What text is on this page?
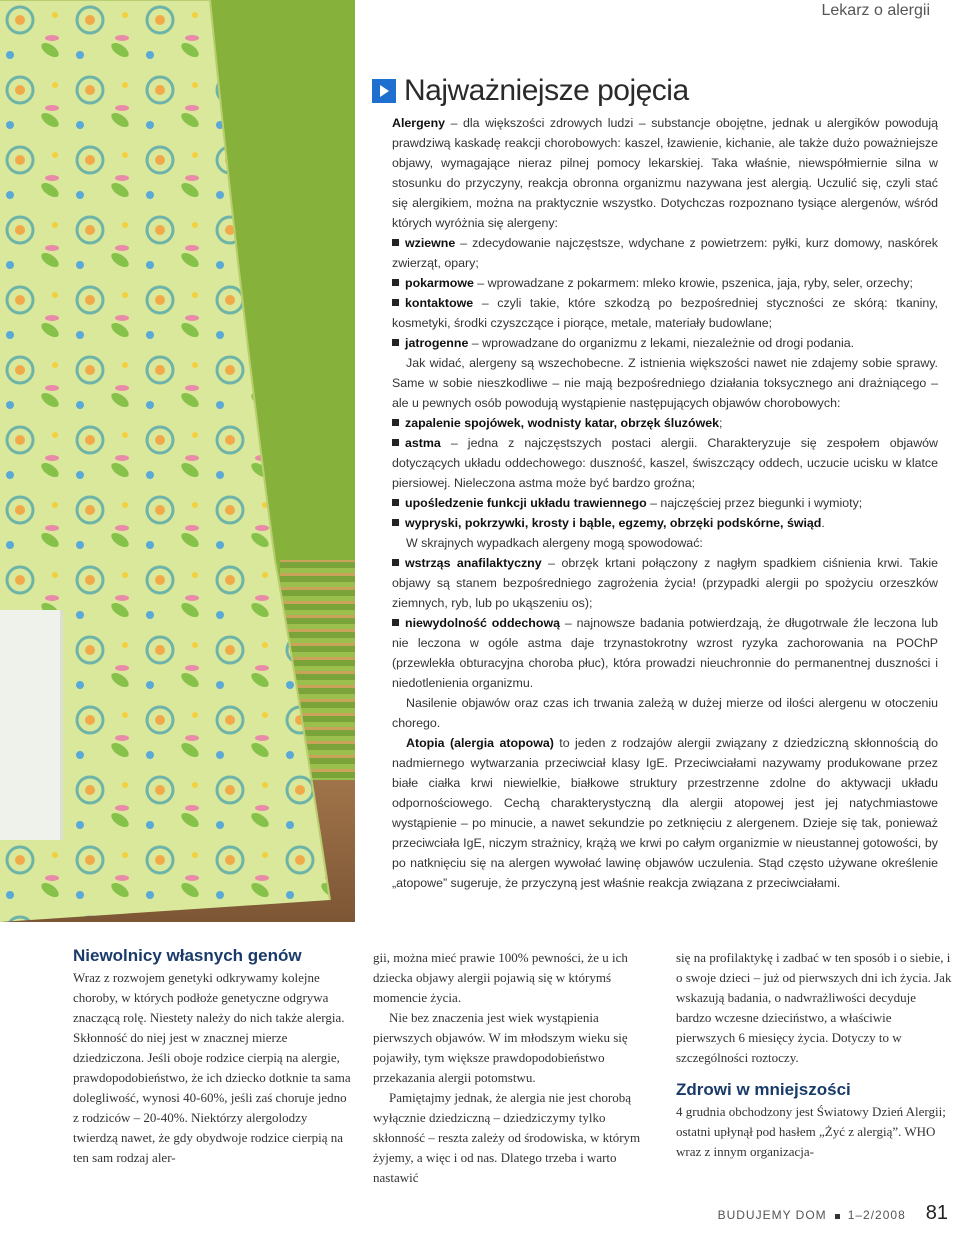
Lekarz o alergii
Najważniejsze pojęcia

Alergeny – dla większości zdrowych ludzi – substancje obojętne, jednak u alergików powodują prawdziwą kaskadę reakcji chorobowych: kaszel, łzawienie, kichanie, ale także dużo poważniejsze objawy, wymagające nieraz pilnej pomocy lekarskiej. Taka właśnie, niewspółmiernie silna w stosunku do przyczyny, reakcja obronna organizmu nazywana jest alergią. Uczulić się, czyli stać się alergikiem, można na praktycznie wszystko. Dotychczas rozpoznano tysiące alergenów, wśród których wyróżnia się alergeny:

wziewne – zdecydowanie najczęstsze, wdychane z powietrzem: pyłki, kurz domowy, naskórek zwierząt, opary;

pokarmowe – wprowadzane z pokarmem: mleko krowie, pszenica, jaja, ryby, seler, orzechy;

kontaktowe – czyli takie, które szkodzą po bezpośredniej styczności ze skórą: tkaniny, kosmetyki, środki czyszczące i piorące, metale, materiały budowlane;

jatrogenne – wprowadzane do organizmu z lekami, niezależnie od drogi podania.

Jak widać, alergeny są wszechobecne. Z istnienia większości nawet nie zdajemy sobie sprawy. Same w sobie nieszkodliwe – nie mają bezpośredniego działania toksycznego ani drażniącego – ale u pewnych osób powodują wystąpienie następujących objawów chorobowych:

zapalenie spojówek, wodnisty katar, obrzęk śluzówek;

astma – jedna z najczęstszych postaci alergii. Charakteryzuje się zespołem objawów dotyczących układu oddechowego: duszność, kaszel, świszczący oddech, uczucie ucisku w klatce piersiowej. Nieleczona astma może być bardzo groźna;

upośledzenie funkcji układu trawiennego – najczęściej przez biegunki i wymioty;

wypryski, pokrzywki, krosty i bąble, egzemy, obrzęki podskórne, świąd.

W skrajnych wypadkach alergeny mogą spowodować:

wstrząs anafilaktyczny – obrzęk krtani połączony z nagłym spadkiem ciśnienia krwi. Takie objawy są stanem bezpośredniego zagrożenia życia! (przypadki alergii po spożyciu orzeszków ziemnych, ryb, lub po ukąszeniu os);

niewydolność oddechową – najnowsze badania potwierdzają, że długotrwale źle leczona lub nie leczona w ogóle astma daje trzynastokrotny wzrost ryzyka zachorowania na POChP (przewlekła obturacyjna choroba płuc), która prowadzi nieuchronnie do permanentnej duszności i niedotlenienia organizmu.

Nasilenie objawów oraz czas ich trwania zależą w dużej mierze od ilości alergenu w otoczeniu chorego.

Atopia (alergia atopowa) to jeden z rodzajów alergii związany z dziedziczną skłonnością do nadmiernego wytwarzania przeciwciał klasy IgE. Przeciwciałami nazywamy produkowane przez białe ciałka krwi niewielkie, białkowe struktury przestrzenne zdolne do aktywacji układu odpornościowego. Cechą charakterystyczną dla alergii atopowej jest jej natychmiastowe wystąpienie – po minucie, a nawet sekundzie po zetknięciu z alergenem. Dzieje się tak, ponieważ przeciwciała IgE, niczym strażnicy, krążą we krwi po całym organizmie w nieustannej gotowości, by po natknięciu się na alergen wywołać lawinę objawów uczulenia. Stąd często używane określenie „atopowe” sugeruje, że przyczyną jest właśnie reakcja związana z przeciwciałami.

Niewolnicy własnych genów

Wraz z rozwojem genetyki odkrywamy kolejne choroby, w których podłoże genetyczne odgrywa znaczącą rolę. Niestety należy do nich także alergia. Skłonność do niej jest w znacznej mierze dziedziczona. Jeśli oboje rodzice cierpią na alergie, prawdopodobieństwo, że ich dziecko dotknie ta sama dolegliwość, wynosi 40-60%, jeśli zaś choruje jedno z rodziców – 20-40%. Niektórzy alergolodzy twierdzą nawet, że gdy obydwoje rodzice cierpią na ten sam rodzaj aler-

gii, można mieć prawie 100% pewności, że u ich dziecka objawy alergii pojawią się w którymś momencie życia.

Nie bez znaczenia jest wiek wystąpienia pierwszych objawów. W im młodszym wieku się pojawiły, tym większe prawdopodobieństwo przekazania alergii potomstwu.

Pamiętajmy jednak, że alergia nie jest chorobą wyłącznie dziedziczną – dziedziczymy tylko skłonność – reszta zależy od środowiska, w którym żyjemy, a więc i od nas. Dlatego trzeba i warto nastawić

się na profilaktykę i zadbać w ten sposób i o siebie, i o swoje dzieci – już od pierwszych dni ich życia. Jak wskazują badania, o nadwrażliwości decyduje bardzo wczesne dzieciństwo, a właściwie pierwszych 6 miesięcy życia. Dotyczy to w szczególności roztoczy.

Zdrowi w mniejszości

4 grudnia obchodzony jest Światowy Dzień Alergii; ostatni upłynął pod hasłem „Żyć z alergią”. WHO wraz z innym organizacja-

BUDUJEMY DOM 1–2/2008 81
